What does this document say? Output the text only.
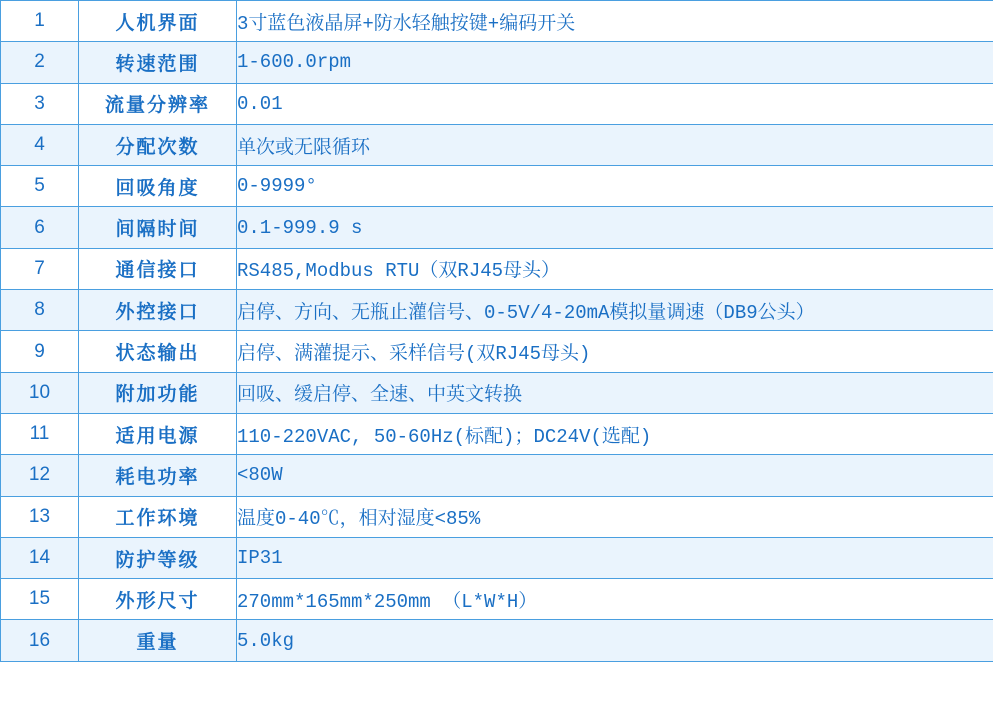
1	人机界面	3寸蓝色液晶屏+防水轻触按键+编码开关
2	转速范围	1-600.0rpm
3	流量分辨率	0.01
4	分配次数	单次或无限循环
5	回吸角度	0-9999°
6	间隔时间	0.1-999.9 s
7	通信接口	RS485,Modbus RTU（双RJ45母头）
8	外控接口	启停、方向、无瓶止灌信号、0-5V/4-20mA模拟量调速（DB9公头）
9	状态输出	启停、满灌提示、采样信号(双RJ45母头)
10	附加功能	回吸、缓启停、全速、中英文转换
11	适用电源	110-220VAC, 50-60Hz(标配)；DC24V(选配)
12	耗电功率	<80W
13	工作环境	温度0-40℃，相对湿度<85%
14	防护等级	IP31
15	外形尺寸	270mm*165mm*250mm （L*W*H）
16	重量	5.0kg
